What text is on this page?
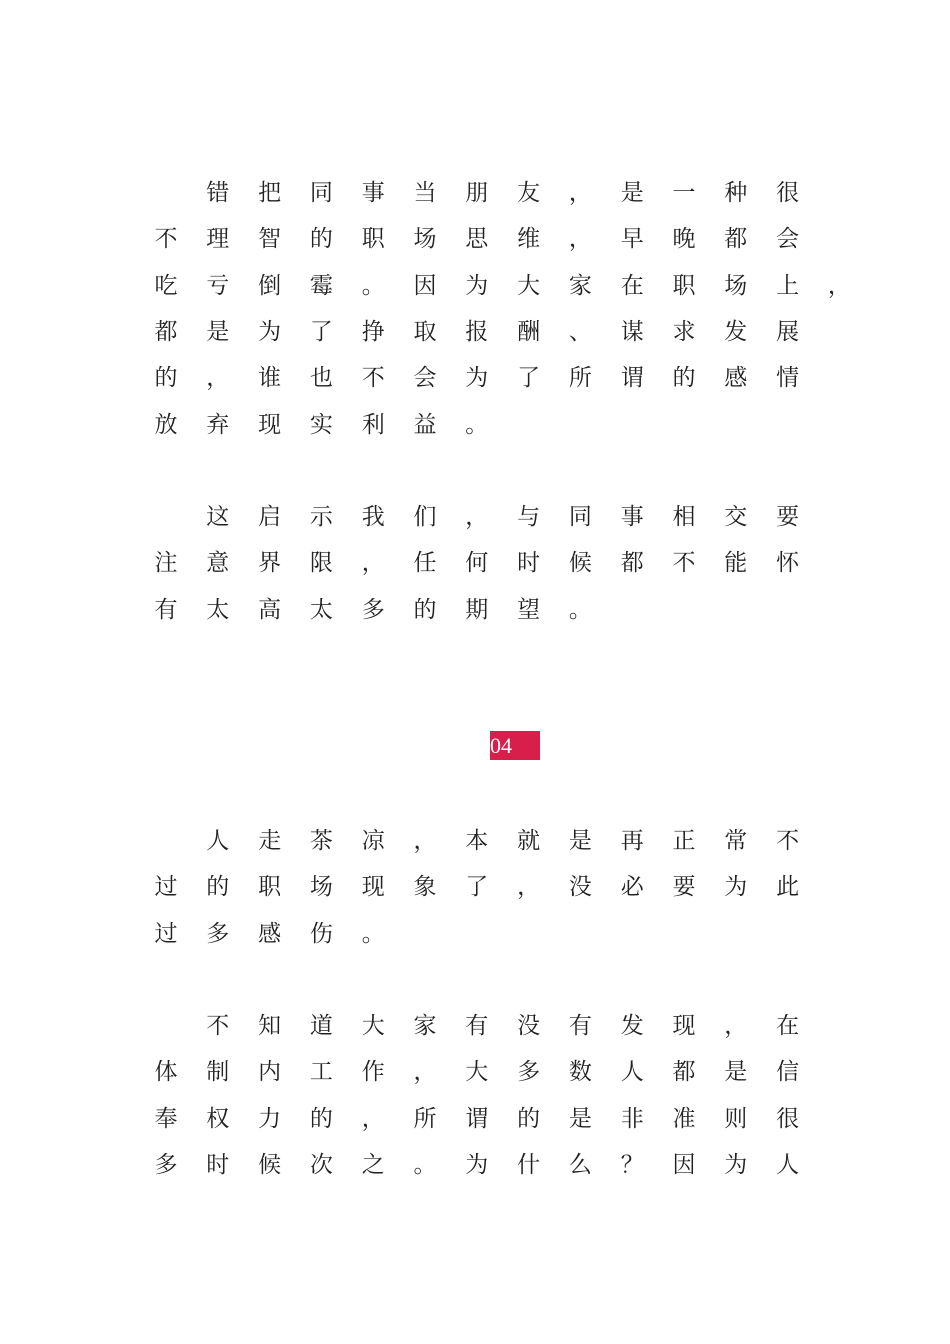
错	把	同	事	当	朋	友	，	是	一	种	很
不	理	智	的	职	场	思	维	，	早	晚	都	会
吃	亏	倒	霉	。	因	为	大	家	在	职	场	上	，
都	是	为	了	挣	取	报	酬	、	谋	求	发	展
的	，	谁	也	不	会	为	了	所	谓	的	感	情
放	弃	现	实	利	益	。

这	启	示	我	们	，	与	同	事	相	交	要
注	意	界	限	，	任	何	时	候	都	不	能	怀
有	太	高	太	多	的	期	望	。

人	走	茶	凉	，	本	就	是	再	正	常	不
过	的	职	场	现	象	了	，	没	必	要	为	此
过	多	感	伤	。

不	知	道	大	家	有	没	有	发	现	，	在
体	制	内	工	作	，	大	多	数	人	都	是	信
奉	权	力	的	，	所	谓	的	是	非	准	则	很
多	时	候	次	之	。	为	什	么	？	因	为	人
04
